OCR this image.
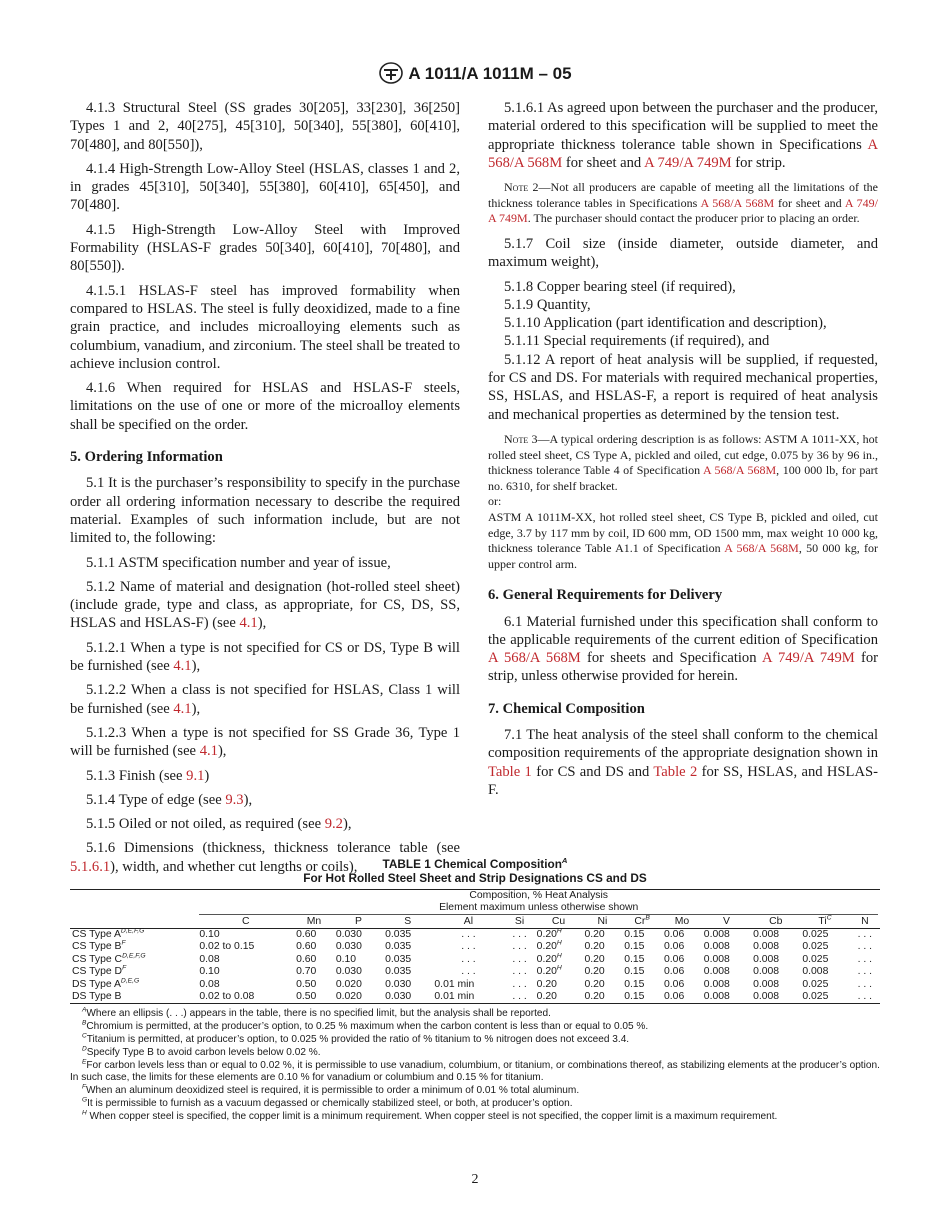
A 1011/A 1011M – 05

4.1.3 Structural Steel (SS grades 30[205], 33[230], 36[250] Types 1 and 2, 40[275], 45[310], 50[340], 55[380], 60[410], 70[480], and 80[550]),

4.1.4 High-Strength Low-Alloy Steel (HSLAS, classes 1 and 2, in grades 45[310], 50[340], 55[380], 60[410], 65[450], and 70[480].

4.1.5 High-Strength Low-Alloy Steel with Improved Formability (HSLAS-F grades 50[340], 60[410], 70[480], and 80[550]).

4.1.5.1 HSLAS-F steel has improved formability when compared to HSLAS. The steel is fully deoxidized, made to a fine grain practice, and includes microalloying elements such as columbium, vanadium, and zirconium. The steel shall be treated to achieve inclusion control.

4.1.6 When required for HSLAS and HSLAS-F steels, limitations on the use of one or more of the microalloy elements shall be specified on the order.

5. Ordering Information

5.1 It is the purchaser’s responsibility to specify in the purchase order all ordering information necessary to describe the required material. Examples of such information include, but are not limited to, the following:

5.1.1 ASTM specification number and year of issue,

5.1.2 Name of material and designation (hot-rolled steel sheet) (include grade, type and class, as appropriate, for CS, DS, SS, HSLAS and HSLAS-F) (see 4.1),

5.1.2.1 When a type is not specified for CS or DS, Type B will be furnished (see 4.1),

5.1.2.2 When a class is not specified for HSLAS, Class 1 will be furnished (see 4.1),

5.1.2.3 When a type is not specified for SS Grade 36, Type 1 will be furnished (see 4.1),

5.1.3 Finish (see 9.1)

5.1.4 Type of edge (see 9.3),

5.1.5 Oiled or not oiled, as required (see 9.2),

5.1.6 Dimensions (thickness, thickness tolerance table (see 5.1.6.1), width, and whether cut lengths or coils),

5.1.6.1 As agreed upon between the purchaser and the producer, material ordered to this specification will be supplied to meet the appropriate thickness tolerance table shown in Specifications A 568/A 568M for sheet and A 749/A 749M for strip.

Note 2—Not all producers are capable of meeting all the limitations of the thickness tolerance tables in Specifications A 568/A 568M for sheet and A 749/ A 749M. The purchaser should contact the producer prior to placing an order.

5.1.7 Coil size (inside diameter, outside diameter, and maximum weight),

5.1.8 Copper bearing steel (if required),

5.1.9 Quantity,

5.1.10 Application (part identification and description),

5.1.11 Special requirements (if required), and

5.1.12 A report of heat analysis will be supplied, if requested, for CS and DS. For materials with required mechanical properties, SS, HSLAS, and HSLAS-F, a report is required of heat analysis and mechanical properties as determined by the tension test.

Note 3—A typical ordering description is as follows: ASTM A 1011-XX, hot rolled steel sheet, CS Type A, pickled and oiled, cut edge, 0.075 by 36 by 96 in., thickness tolerance Table 4 of Specification A 568/A 568M, 100 000 lb, for part no. 6310, for shelf bracket.

or:

ASTM A 1011M-XX, hot rolled steel sheet, CS Type B, pickled and oiled, cut edge, 3.7 by 117 mm by coil, ID 600 mm, OD 1500 mm, max weight 10 000 kg, thickness tolerance Table A1.1 of Specification A 568/A 568M, 50 000 kg, for upper control arm.

6. General Requirements for Delivery

6.1 Material furnished under this specification shall conform to the applicable requirements of the current edition of Specification A 568/A 568M for sheets and Specification A 749/A 749M for strip, unless otherwise provided for herein.

7. Chemical Composition

7.1 The heat analysis of the steel shall conform to the chemical composition requirements of the appropriate designation shown in Table 1 for CS and DS and Table 2 for SS, HSLAS, and HSLAS-F.

TABLE 1 Chemical Composition$^A$
For Hot Rolled Steel Sheet and Strip Designations CS and DS
	Composition, % Heat Analysis

Element maximum unless otherwise shown													

	C	Mn	P	S	Al	Si	Cu	Ni	$Cr^B$	Mo	V	Cb	$Ti^C$	N
CS Type $A^{D,E,F,G}$	0.10	0.60	0.030	0.035	. . .	. . .	$0.20^H$	0.20	0.15	0.06	0.008	0.008	0.025	. . .
CS Type $B^F$	0.02 to 0.15	0.60	0.030	0.035	. . .	. . .	$0.20^H$	0.20	0.15	0.06	0.008	0.008	0.025	. . .
CS Type $C^{D,E,F,G}$	0.08	0.60	0.10	0.035	. . .	. . .	$0.20^H$	0.20	0.15	0.06	0.008	0.008	0.025	. . .
CS Type $D^F$	0.10	0.70	0.030	0.035	. . .	. . .	$0.20^H$	0.20	0.15	0.06	0.008	0.008	0.008	. . .
DS Type $A^{D,E,G}$	0.08	0.50	0.020	0.030	0.01 min	. . .	0.20	0.20	0.15	0.06	0.008	0.008	0.025	. . .
DS Type B	0.02 to 0.08	0.50	0.020	0.030	0.01 min	. . .	0.20	0.20	0.15	0.06	0.008	0.008	0.025	. . .
$^A$Where an ellipsis (. . .) appears in the table, there is no specified limit, but the analysis shall be reported.
$^B$Chromium is permitted, at the producer’s option, to 0.25 % maximum when the carbon content is less than or equal to 0.05 %.
$^C$Titanium is permitted, at producer’s option, to 0.025 % provided the ratio of % titanium to % nitrogen does not exceed 3.4.
$^D$Specify Type B to avoid carbon levels below 0.02 %.
$^E$For carbon levels less than or equal to 0.02 %, it is permissible to use vanadium, columbium, or titanium, or combinations thereof, as stabilizing elements at the producer’s option. In such case, the limits for these elements are 0.10 % for vanadium or columbium and 0.15 % for titanium.
$^F$When an aluminum deoxidized steel is required, it is permissible to order a minimum of 0.01 % total aluminum.
$^G$It is permissible to furnish as a vacuum degassed or chemically stabilized steel, or both, at producer’s option.
$^H$ When copper steel is specified, the copper limit is a minimum requirement. When copper steel is not specified, the copper limit is a maximum requirement.
2
